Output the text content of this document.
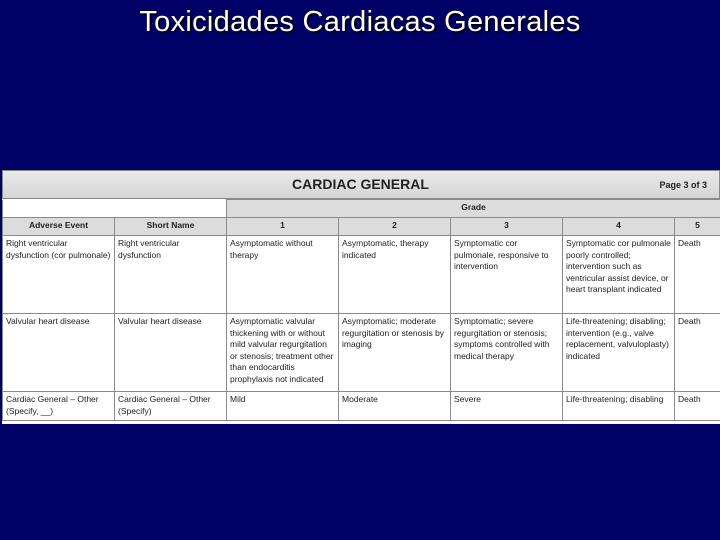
Toxicidades Cardiacas Generales
CARDIAC GENERAL	Page 3 of 3
		Grade				
Adverse Event	Short Name	1	2	3	4	5
Right ventricular dysfunction (cor pulmonale)	Right ventricular dysfunction	Asymptomatic without therapy	Asymptomatic, therapy indicated	Symptomatic cor pulmonale, responsive to intervention	Symptomatic cor pulmonale poorly controlled; intervention such as ventricular assist device, or heart transplant indicated	Death
Valvular heart disease	Valvular heart disease	Asymptomatic valvular thickening with or without mild valvular regurgitation or stenosis; treatment other than endocarditis prophylaxis not indicated	Asymptomatic; moderate regurgitation or stenosis by imaging	Symptomatic; severe regurgitation or stenosis; symptoms controlled with medical therapy	Life-threatening; disabling; intervention (e.g., valve replacement, valvuloplasty) indicated	Death
Cardiac General – Other (Specify, __)	Cardiac General – Other (Specify)	Mild	Moderate	Severe	Life-threatening; disabling	Death
